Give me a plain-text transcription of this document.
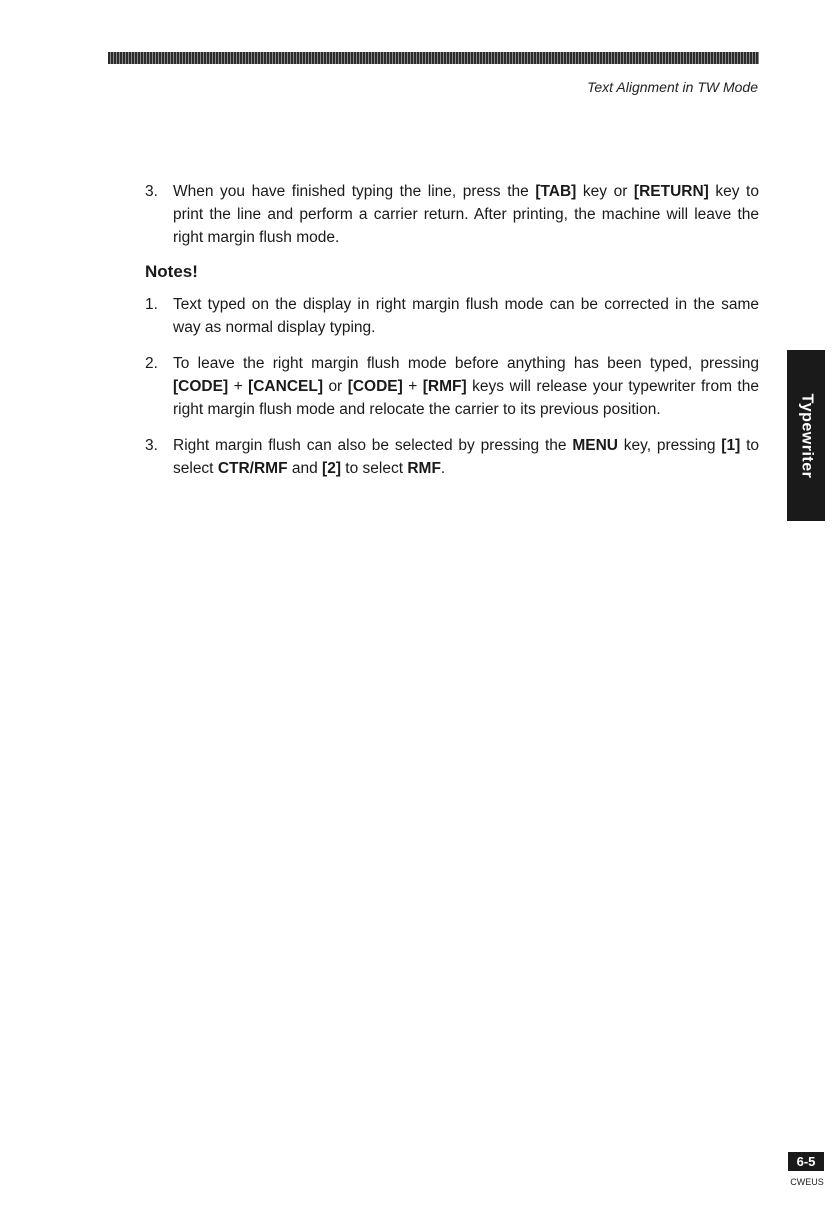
Text Alignment in TW Mode
3. When you have finished typing the line, press the [TAB] key or [RETURN] key to print the line and perform a carrier return. After printing, the machine will leave the right margin flush mode.

Notes!
1. Text typed on the display in right margin flush mode can be corrected in the same way as normal display typing.

2. To leave the right margin flush mode before anything has been typed, pressing [CODE] + [CANCEL] or [CODE] + [RMF] keys will release your typewriter from the right margin flush mode and relocate the carrier to its previous position.

3. Right margin flush can also be selected by pressing the MENU key, pressing [1] to select CTR/RMF and [2] to select RMF.	Typewriter
6-5
CWEUS
